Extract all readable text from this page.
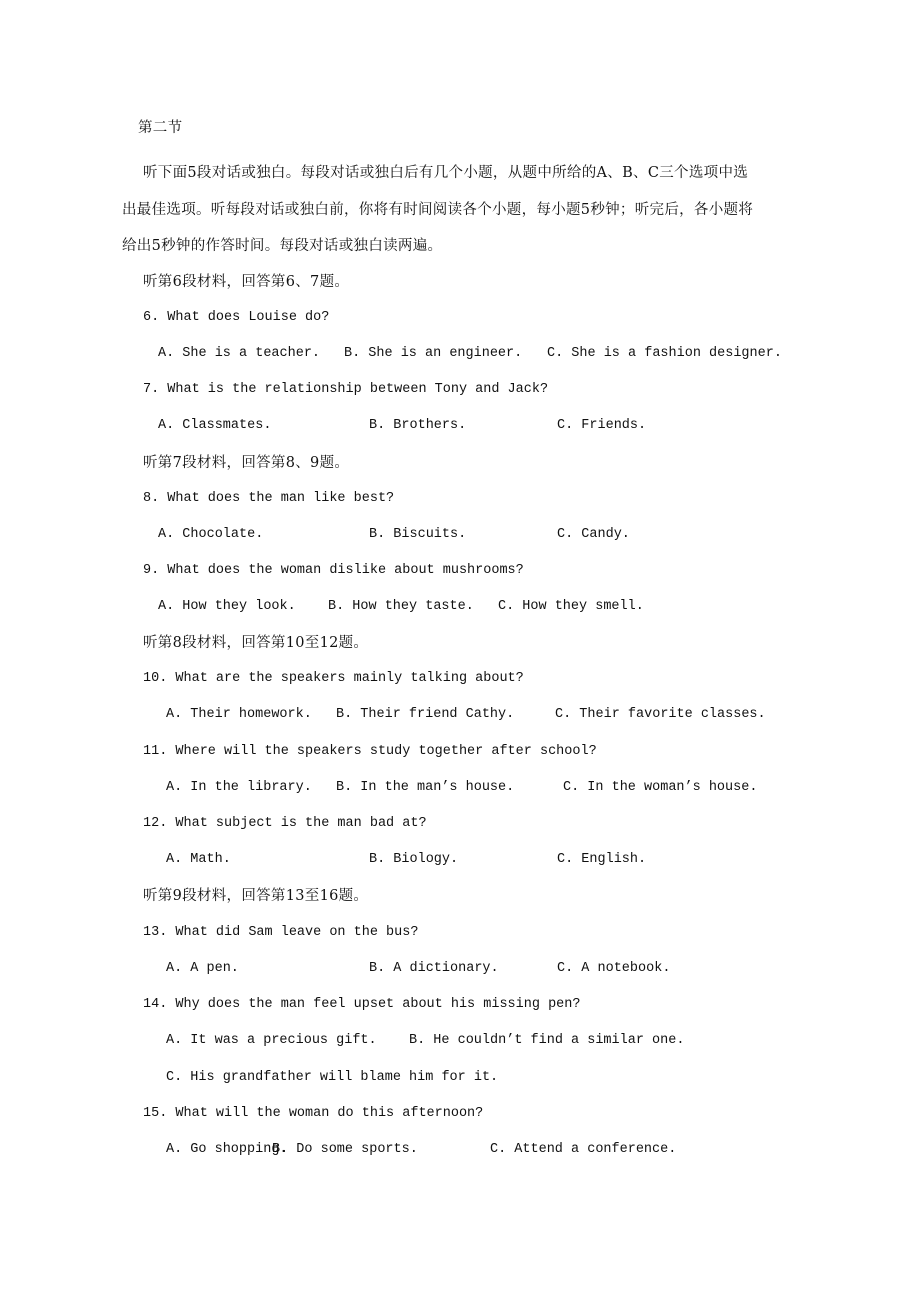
第二节
听下面5段对话或独白。每段对话或独白后有几个小题，从题中所给的A、B、C三个选项中选
出最佳选项。听每段对话或独白前，你将有时间阅读各个小题，每小题5秒钟；听完后，各小题将
给出5秒钟的作答时间。每段对话或独白读两遍。
听第6段材料，回答第6、7题。
6. What does Louise do?
A. She is a teacher. B. She is an engineer. C. She is a fashion designer.
7. What is the relationship between Tony and Jack?
A. Classmates.	B. Brothers.	C. Friends.
听第7段材料，回答第8、9题。
8. What does the man like best?
A. Chocolate.	B. Biscuits.	C. Candy.
9. What does the woman dislike about mushrooms?
A. How they look. B. How they taste. C. How they smell.
听第8段材料，回答第10至12题。
10. What are the speakers mainly talking about?
A. Their homework. B. Their friend Cathy.	C. Their favorite classes.
11. Where will the speakers study together after school?
A. In the library. B. In the man’s house.	C. In the woman’s house.
12. What subject is the man bad at?
A. Math.	B. Biology.	C. English.
听第9段材料，回答第13至16题。
13. What did Sam leave on the bus?
A. A pen.	B. A dictionary.	C. A notebook.
14. Why does the man feel upset about his missing pen?
A. It was a precious gift. B. He couldn’t find a similar one.
C. His grandfather will blame him for it.
15. What will the woman do this afternoon?
A. Go shopping.
B. Do some sports.	C. Attend a conference.
